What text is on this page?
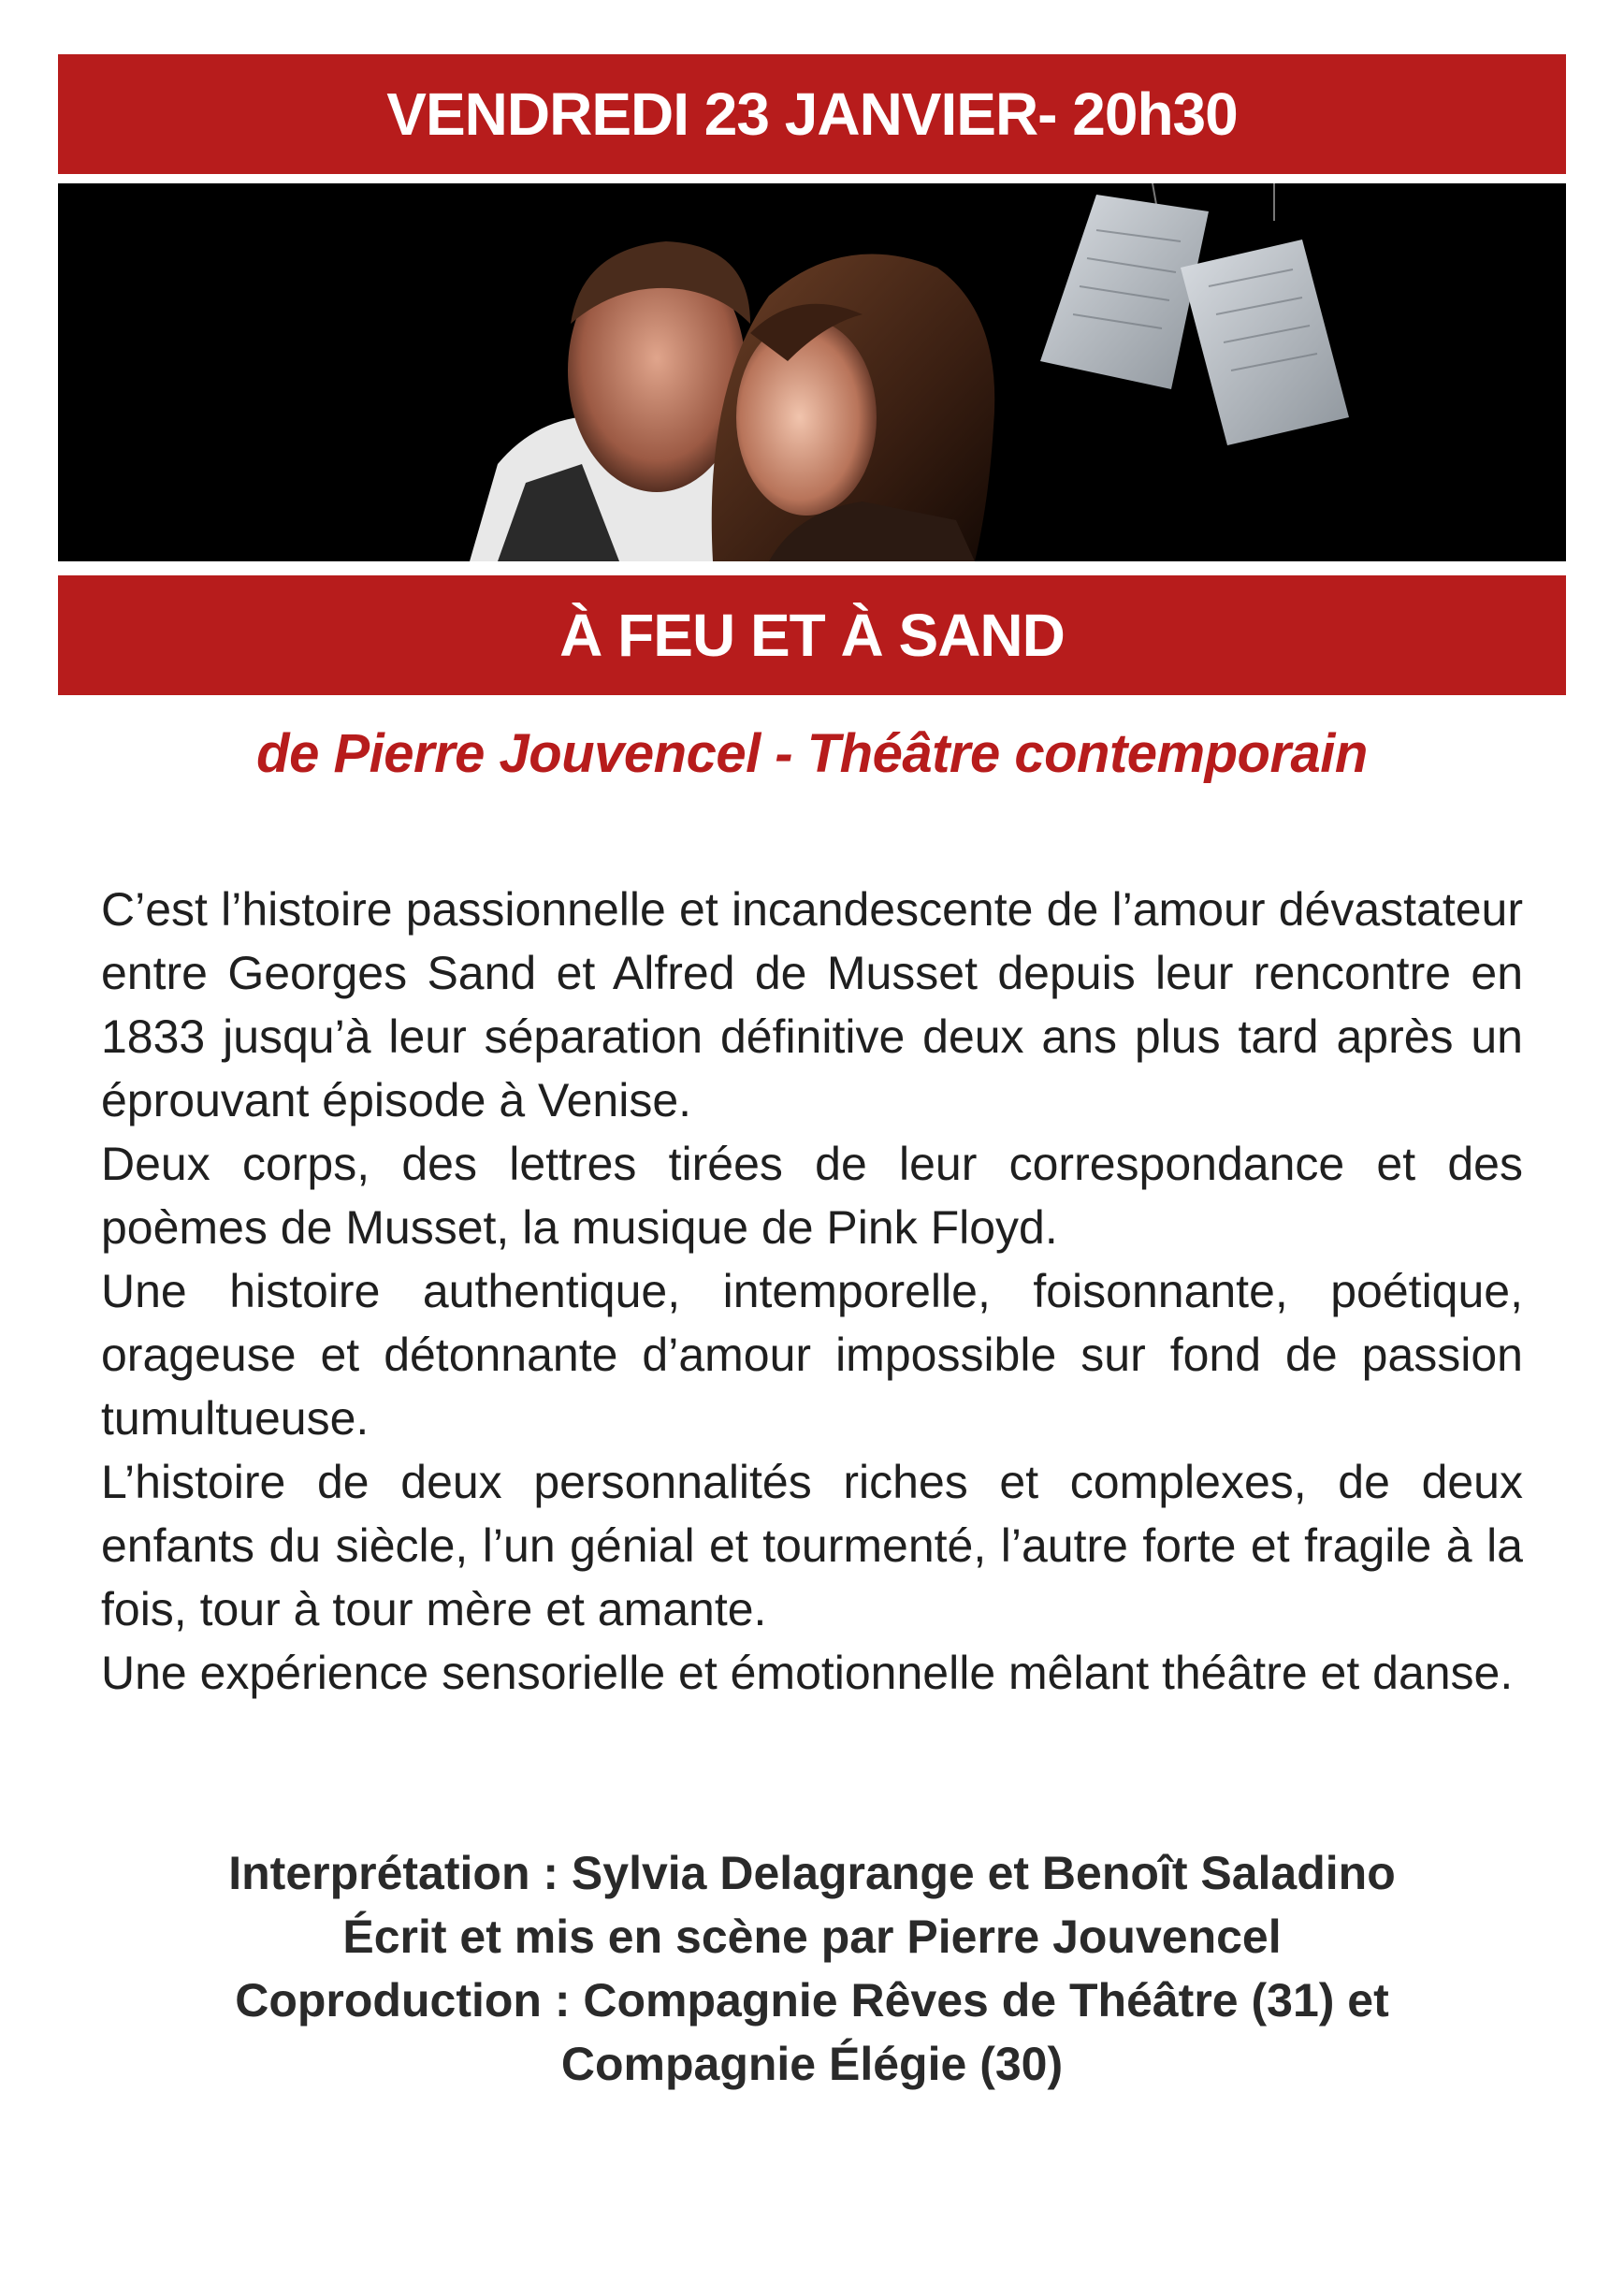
VENDREDI 23 JANVIER- 20h30
À FEU ET À SAND
de Pierre Jouvencel - Théâtre contemporain

C’est l’histoire passionnelle et incandescente de l’amour dévastateur entre Georges Sand et Alfred de Musset depuis leur rencontre en 1833 jusqu’à leur séparation définitive deux ans plus tard après un éprouvant épisode à Venise.

Deux corps, des lettres tirées de leur correspondance et des poèmes de Musset, la musique de Pink Floyd.

Une histoire authentique, intemporelle, foisonnante, poétique, orageuse et détonnante d’amour impossible sur fond de passion tumultueuse.

L’histoire de deux personnalités riches et complexes, de deux enfants du siècle, l’un génial et tourmenté, l’autre forte et fragile à la fois, tour à tour mère et amante.

Une expérience sensorielle et émotionnelle mêlant théâtre et danse.

Interprétation : Sylvia Delagrange et Benoît Saladino
Écrit et mis en scène par Pierre Jouvencel
Coproduction : Compagnie Rêves de Théâtre (31) et
Compagnie Élégie (30)
